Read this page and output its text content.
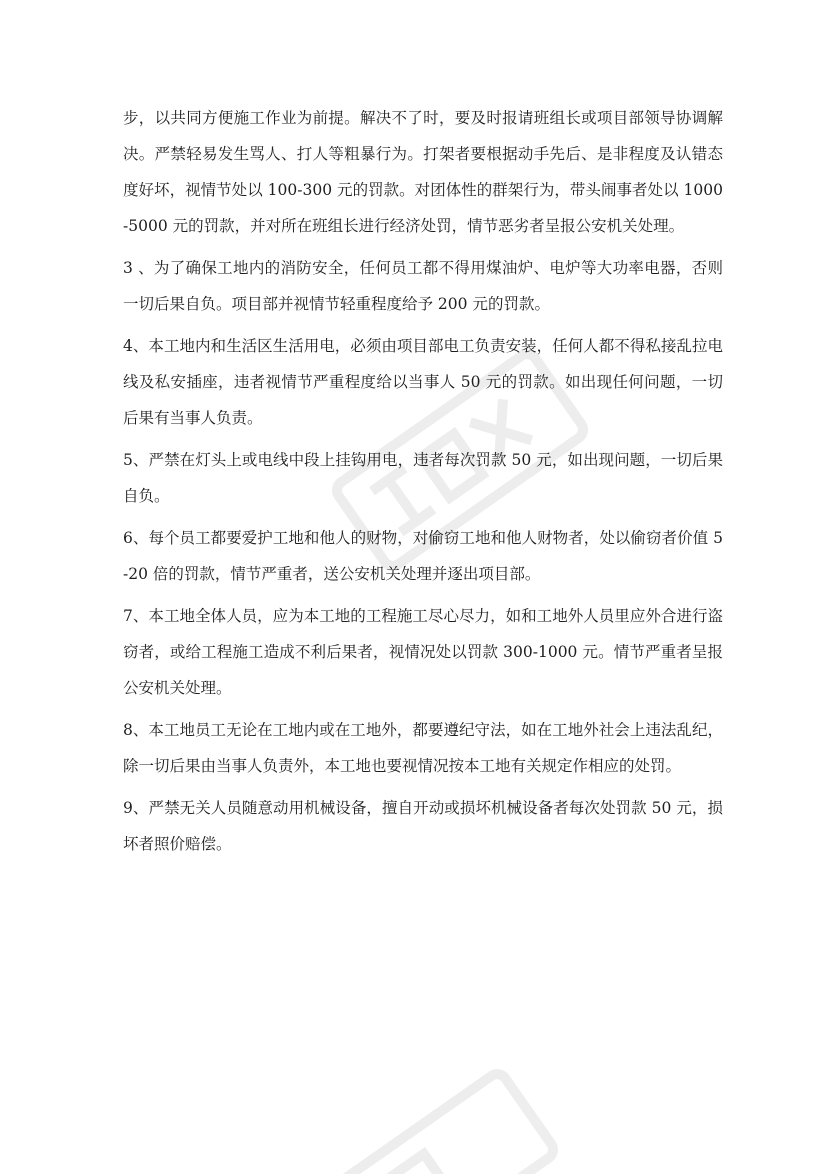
步，以共同方便施工作业为前提。解决不了时，要及时报请班组长或项目部领导协调解决。严禁轻易发生骂人、打人等粗暴行为。打架者要根据动手先后、是非程度及认错态度好坏，视情节处以 100-300 元的罚款。对团体性的群架行为，带头闹事者处以 1000-5000 元的罚款，并对所在班组长进行经济处罚，情节恶劣者呈报公安机关处理。

3 、为了确保工地内的消防安全，任何员工都不得用煤油炉、电炉等大功率电器，否则一切后果自负。项目部并视情节轻重程度给予 200 元的罚款。

4、本工地内和生活区生活用电，必须由项目部电工负责安装，任何人都不得私接乱拉电线及私安插座，违者视情节严重程度给以当事人 50 元的罚款。如出现任何问题，一切后果有当事人负责。

5、严禁在灯头上或电线中段上挂钩用电，违者每次罚款 50 元，如出现问题，一切后果自负。

6、每个员工都要爱护工地和他人的财物，对偷窃工地和他人财物者，处以偷窃者价值 5-20 倍的罚款，情节严重者，送公安机关处理并逐出项目部。

7、本工地全体人员，应为本工地的工程施工尽心尽力，如和工地外人员里应外合进行盗窃者，或给工程施工造成不利后果者，视情况处以罚款 300-1000 元。情节严重者呈报公安机关处理。

8、本工地员工无论在工地内或在工地外，都要遵纪守法，如在工地外社会上违法乱纪，除一切后果由当事人负责外，本工地也要视情况按本工地有关规定作相应的处罚。

9、严禁无关人员随意动用机械设备，擅自开动或损坏机械设备者每次处罚款 50 元，损坏者照价赔偿。
